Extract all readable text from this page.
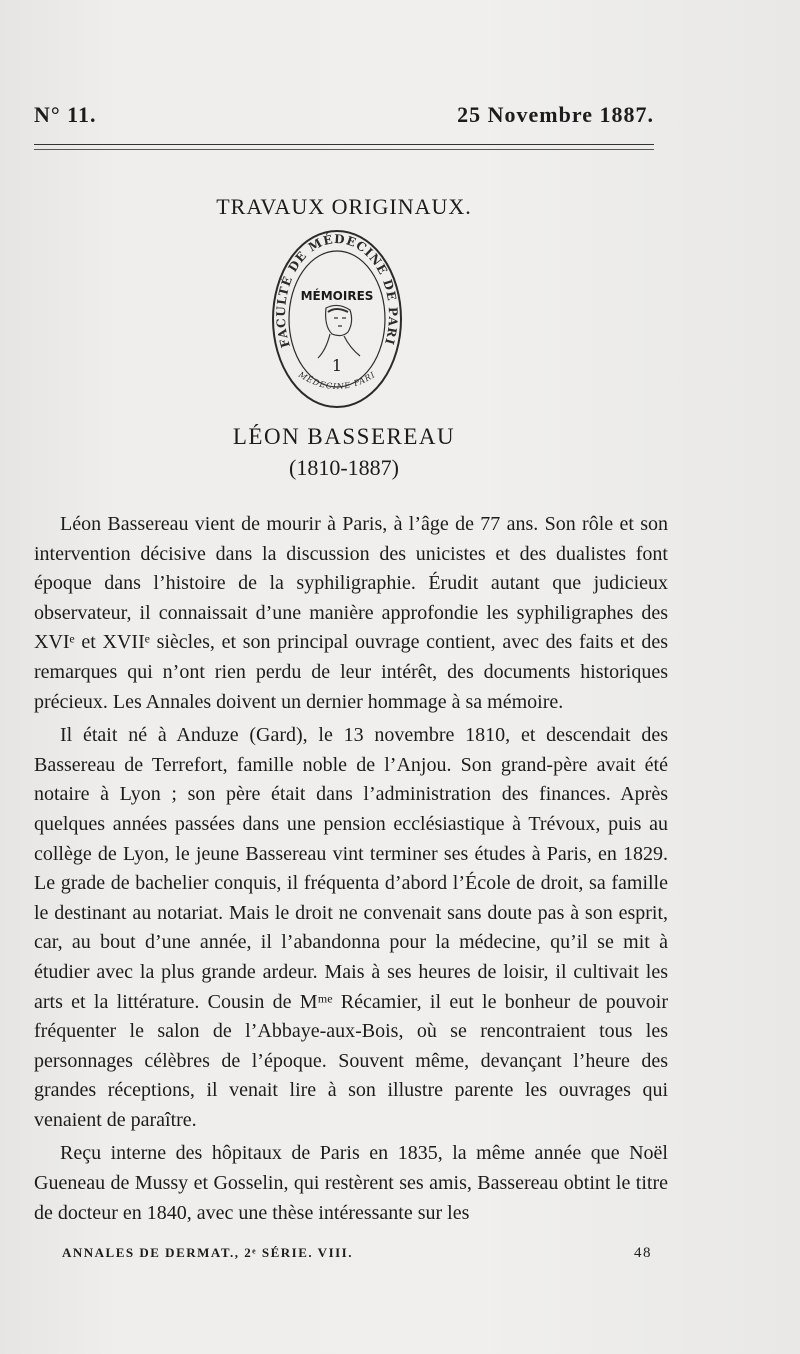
N° 11.	25 Novembre 1887.
TRAVAUX ORIGINAUX.
FACULTÉ DE MÉDECINE DE PARI
MÉMOIRES
1
MÉDECINE PARI
LÉON BASSEREAU
(1810-1887)

Léon Bassereau vient de mourir à Paris, à l’âge de 77 ans. Son rôle et son intervention décisive dans la discussion des unicistes et des dualistes font époque dans l’histoire de la syphiligraphie. Érudit autant que judicieux observateur, il connaissait d’une manière approfondie les syphiligraphes des XVIᵉ et XVIIᵉ siècles, et son principal ouvrage contient, avec des faits et des remarques qui n’ont rien perdu de leur intérêt, des documents historiques précieux. Les Annales doivent un dernier hommage à sa mémoire.

Il était né à Anduze (Gard), le 13 novembre 1810, et descendait des Bassereau de Terrefort, famille noble de l’Anjou. Son grand-père avait été notaire à Lyon ; son père était dans l’administration des finances. Après quelques années passées dans une pension ecclésiastique à Trévoux, puis au collège de Lyon, le jeune Bassereau vint terminer ses études à Paris, en 1829. Le grade de bachelier conquis, il fréquenta d’abord l’École de droit, sa famille le destinant au notariat. Mais le droit ne convenait sans doute pas à son esprit, car, au bout d’une année, il l’abandonna pour la médecine, qu’il se mit à étudier avec la plus grande ardeur. Mais à ses heures de loisir, il cultivait les arts et la littérature. Cousin de Mᵐᵉ Récamier, il eut le bonheur de pouvoir fréquenter le salon de l’Abbaye-aux-Bois, où se rencontraient tous les personnages célèbres de l’époque. Souvent même, devançant l’heure des grandes réceptions, il venait lire à son illustre parente les ouvrages qui venaient de paraître.

Reçu interne des hôpitaux de Paris en 1835, la même année que Noël Gueneau de Mussy et Gosselin, qui restèrent ses amis, Bassereau obtint le titre de docteur en 1840, avec une thèse intéressante sur les

ANNALES DE DERMAT., 2ᵉ SÉRIE. VIII.	48
